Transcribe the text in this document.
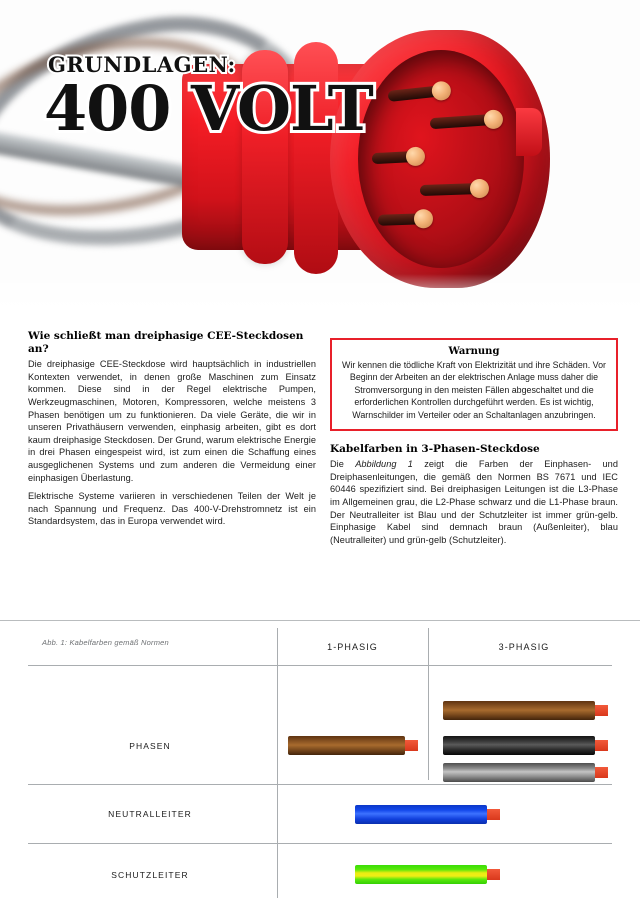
GRUNDLAGEN:
400 VOLT
Wie schließt man dreiphasige CEE-Steckdosen an?

Die dreiphasige CEE-Steckdose wird hauptsächlich in industriellen Kontexten verwendet, in denen große Maschinen zum Einsatz kommen. Diese sind in der Regel elektrische Pumpen, Werkzeugmaschinen, Motoren, Kompressoren, welche meistens 3 Phasen benötigen um zu funktionieren. Da viele Geräte, die wir in unseren Privathäusern verwenden, einphasig arbeiten, gibt es dort kaum dreiphasige Steckdosen. Der Grund, warum elektrische Energie in drei Phasen eingespeist wird, ist zum einen die Schaffung eines ausgeglichenen Systems und zum anderen die Vermeidung einer einphasigen Überlastung.

Elektrische Systeme variieren in verschiedenen Teilen der Welt je nach Spannung und Frequenz. Das 400-V-Drehstromnetz ist ein Standardsystem, das in Europa verwendet wird.

Warnung

Wir kennen die tödliche Kraft von Elektrizität und ihre Schäden. Vor Beginn der Arbeiten an der elektrischen Anlage muss daher die Stromversorgung in den meisten Fällen abgeschaltet und die erforderlichen Kontrollen durchgeführt werden. Es ist wichtig, Warnschilder im Verteiler oder an Schaltanlagen anzubringen.

Kabelfarben in 3-Phasen-Steckdose

Die Abbildung 1 zeigt die Farben der Einphasen- und Dreiphasenleitungen, die gemäß den Normen BS 7671 und IEC 60446 spezifiziert sind. Bei dreiphasigen Leitungen ist die L3-Phase im Allgemeinen grau, die L2-Phase schwarz und die L1-Phase braun. Der Neutralleiter ist Blau und der Schutzleiter ist immer grün-gelb. Einphasige Kabel sind demnach braun (Außenleiter), blau (Neutralleiter) und grün-gelb (Schutzleiter).

Abb. 1: Kabelfarben gemäß Normen	1-PHASIG	3-PHASIG
PHASEN
NEUTRALLEITER
SCHUTZLEITER
